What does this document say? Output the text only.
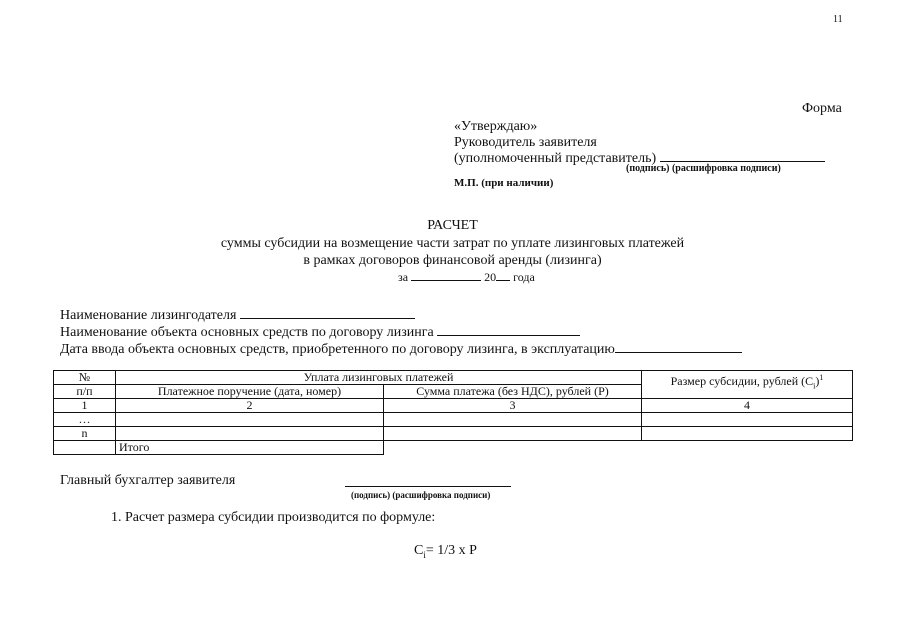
11
Форма
«Утверждаю»
Руководитель заявителя
(уполномоченный представитель)
(подпись) (расшифровка подписи)
М.П. (при наличии)
РАСЧЕТ
суммы субсидии на возмещение части затрат по уплате лизинговых платежей
в рамках договоров финансовой аренды (лизинга)
за	20 года
Наименование лизингодателя
Наименование объекта основных средств по договору лизинга
Дата ввода объекта основных средств, приобретенного по договору лизинга, в эксплуатацию
№	Уплата лизинговых платежей		Размер субсидии, рублей $(C_i)^1$
п/п	Платежное поручение (дата, номер)	Сумма платежа (без НДС), рублей (P)	
1	2	3	4
…			
n			
	Итого		
Главный бухгалтер заявителя
(подпись) (расшифровка подписи)
1. Расчет размера субсидии производится по формуле:
$C_i= 1/3$ х P
